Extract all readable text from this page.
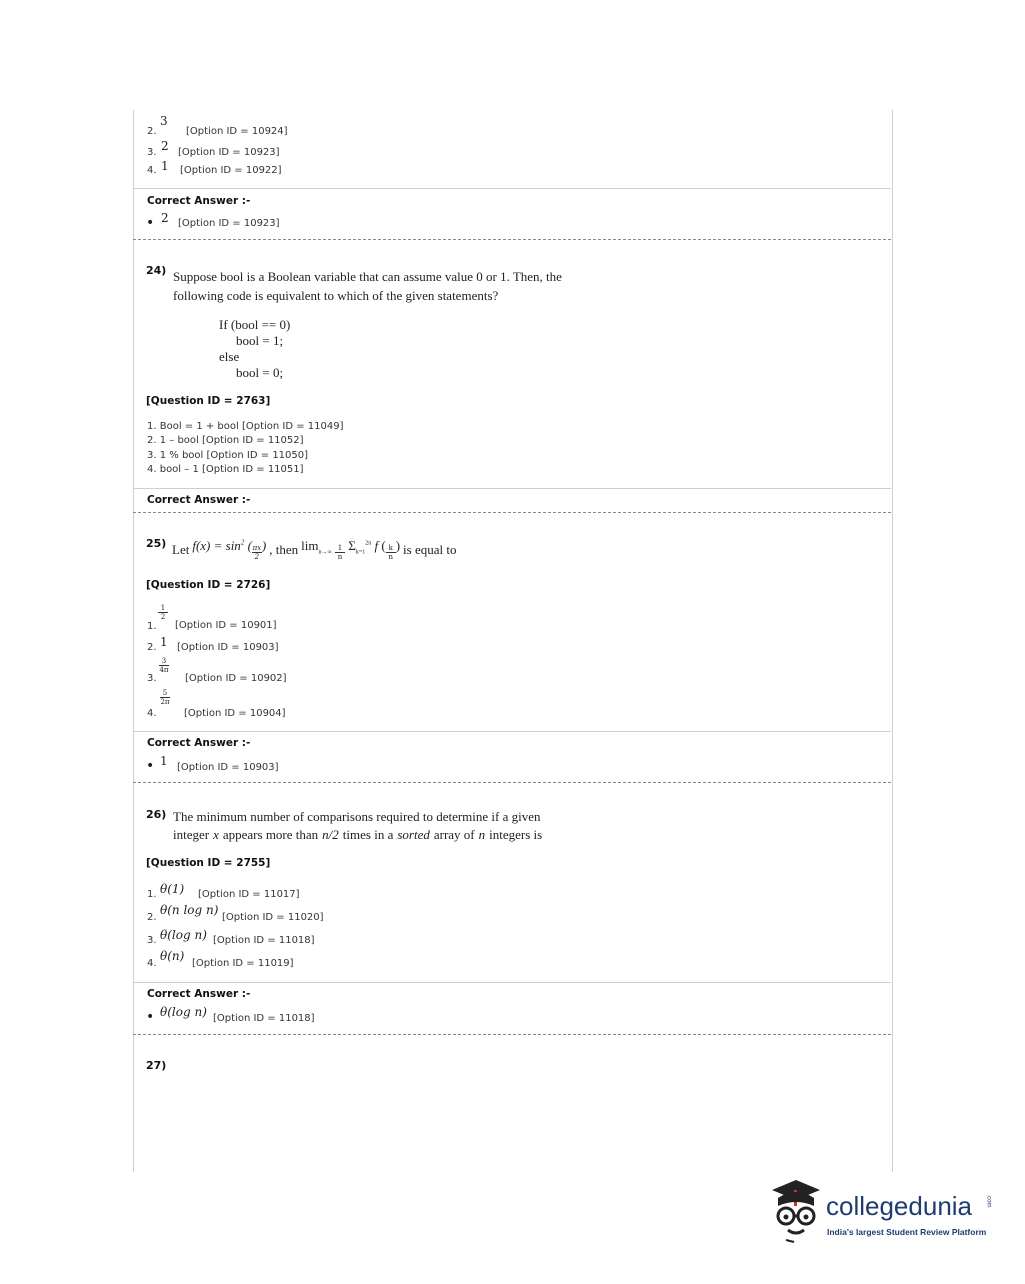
2.
3
[Option ID = 10924]
3. 2 [Option ID = 10923]
4. 1 [Option ID = 10922]
Correct Answer :-
• 2 [Option ID = 10923]
24) Suppose bool is a Boolean variable that can assume value 0 or 1. Then, the
following code is equivalent to which of the given statements?
If (bool == 0)
bool = 1;
else
bool = 0;
[Question ID = 2763]
1. Bool = 1 + bool [Option ID = 11049]
2. 1 – bool [Option ID = 11052]
3. 1 % bool [Option ID = 11050]
4. bool – 1 [Option ID = 11051]
Correct Answer :-
25) Let $f(x) = \sin^2$ ( $\frac{\pi x}{2}$ ) , then $\lim_{n\to\infty} \frac{1}{n} \Sigma_{k=1}^{2n}$ f ( $\frac{k}{n}$ ) is equal to
[Question ID = 2726]
1.
1
2
[Option ID = 10901]
2. 1 [Option ID = 10903]
3.
3
4π
[Option ID = 10902]
4.
5
2π
[Option ID = 10904]
Correct Answer :-
• 1 [Option ID = 10903]
26) The minimum number of comparisons required to determine if a given
integer x appears more than n/2 times in a sorted array of n integers is
[Question ID = 2755]
1. θ(1) [Option ID = 11017]
2.
θ(n log n)
[Option ID = 11020]
3. θ(log n) [Option ID = 11018]
4.
θ(n)
[Option ID = 11019]
Correct Answer :-
• θ(log n) [Option ID = 11018]
27)
collegedunia .com
India's largest Student Review Platform
